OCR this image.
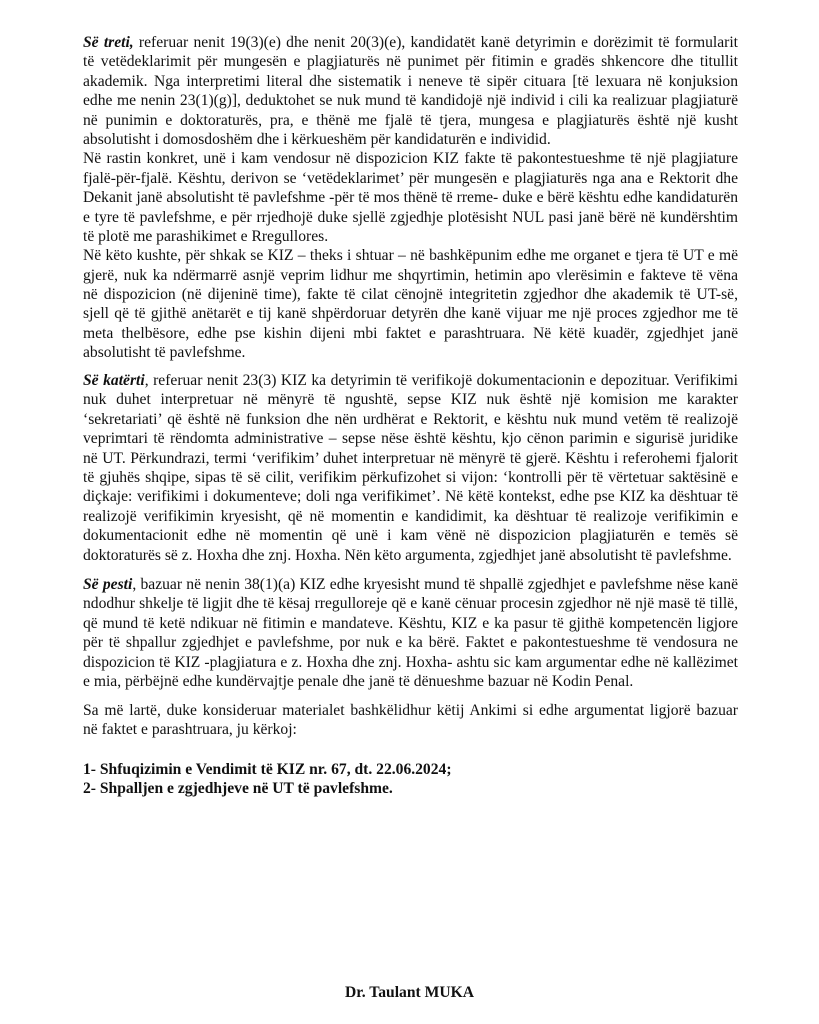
Së treti, referuar nenit 19(3)(e) dhe nenit 20(3)(e), kandidatët kanë detyrimin e dorëzimit të formularit
të vetëdeklarimit për mungesën e plagjiaturës në punimet për fitimin e gradës shkencore dhe titullit
akademik. Nga interpretimi literal dhe sistematik i neneve të sipër cituara [të lexuara në konjuksion
edhe me nenin 23(1)(g)], deduktohet se nuk mund të kandidojë një individ i cili ka realizuar plagjiaturë
në punimin e doktoraturës, pra, e thënë me fjalë të tjera, mungesa e plagjiaturës është një kusht
absolutisht i domosdoshëm dhe i kërkueshëm për kandidaturën e individid.
Në rastin konkret, unë i kam vendosur në dispozicion KIZ fakte të pakontestueshme të një plagjiature
fjalë-për-fjalë. Kështu, derivon se ‘vetëdeklarimet’ për mungesën e plagjiaturës nga ana e Rektorit dhe
Dekanit janë absolutisht të pavlefshme -për të mos thënë të rreme- duke e bërë kështu edhe kandidaturën
e tyre të pavlefshme, e për rrjedhojë duke sjellë zgjedhje plotësisht NUL pasi janë bërë në kundërshtim
të plotë me parashikimet e Rregullores.
Në këto kushte, për shkak se KIZ – theks i shtuar – në bashkëpunim edhe me organet e tjera të UT e më
gjerë, nuk ka ndërmarrë asnjë veprim lidhur me shqyrtimin, hetimin apo vlerësimin e fakteve të vëna
në dispozicion (në dijeninë time), fakte të cilat cënojnë integritetin zgjedhor dhe akademik të UT-së,
sjell që të gjithë anëtarët e tij kanë shpërdoruar detyrën dhe kanë vijuar me një proces zgjedhor me të
meta thelbësore, edhe pse kishin dijeni mbi faktet e parashtruara. Në këtë kuadër, zgjedhjet janë
absolutisht të pavlefshme.
Së katërti, referuar nenit 23(3) KIZ ka detyrimin të verifikojë dokumentacionin e depozituar. Verifikimi
nuk duhet interpretuar në mënyrë të ngushtë, sepse KIZ nuk është një komision me karakter
‘sekretariati’ që është në funksion dhe nën urdhërat e Rektorit, e kështu nuk mund vetëm të realizojë
veprimtari të rëndomta administrative – sepse nëse është kështu, kjo cënon parimin e sigurisë juridike
në UT. Përkundrazi, termi ‘verifikim’ duhet interpretuar në mënyrë të gjerë. Kështu i referohemi fjalorit
të gjuhës shqipe, sipas të së cilit, verifikim përkufizohet si vijon: ‘kontrolli për të vërtetuar saktësinë e
diçkaje: verifikimi i dokumenteve; doli nga verifikimet’. Në këtë kontekst, edhe pse KIZ ka dështuar të
realizojë verifikimin kryesisht, që në momentin e kandidimit, ka dështuar të realizoje verifikimin e
dokumentacionit edhe në momentin që unë i kam vënë në dispozicion plagjiaturën e temës së
doktoraturës së z. Hoxha dhe znj. Hoxha. Nën këto argumenta, zgjedhjet janë absolutisht të pavlefshme.
Së pesti, bazuar në nenin 38(1)(a) KIZ edhe kryesisht mund të shpallë zgjedhjet e pavlefshme nëse kanë
ndodhur shkelje të ligjit dhe të kësaj rregulloreje që e kanë cënuar procesin zgjedhor në një masë të tillë,
që mund të ketë ndikuar në fitimin e mandateve. Kështu, KIZ e ka pasur të gjithë kompetencën ligjore
për të shpallur zgjedhjet e pavlefshme, por nuk e ka bërë. Faktet e pakontestueshme të vendosura ne
dispozicion të KIZ -plagjiatura e z. Hoxha dhe znj. Hoxha- ashtu sic kam argumentar edhe në kallëzimet
e mia, përbëjnë edhe kundërvajtje penale dhe janë të dënueshme bazuar në Kodin Penal.
Sa më lartë, duke konsideruar materialet bashkëlidhur këtij Ankimi si edhe argumentat ligjorë bazuar
në faktet e parashtruara, ju kërkoj:
1- Shfuqizimin e Vendimit të KIZ nr. 67, dt. 22.06.2024;
2- Shpalljen e zgjedhjeve në UT të pavlefshme.
Dr. Taulant MUKA
